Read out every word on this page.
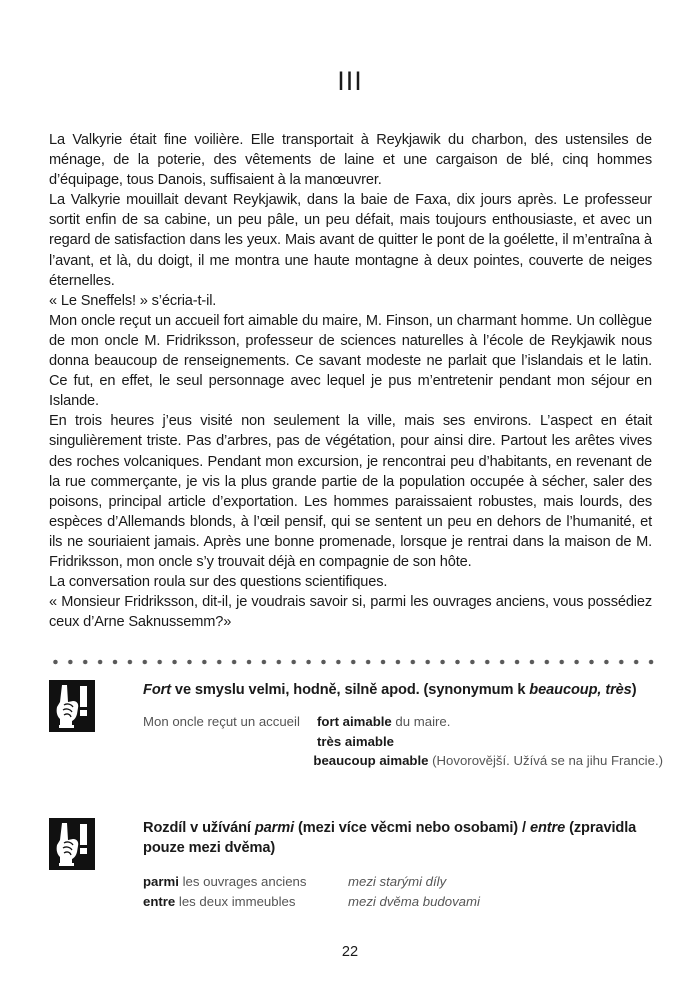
III

La Valkyrie était fine voilière. Elle transportait à Reykjawik du charbon, des ustensiles de ménage, de la poterie, des vêtements de laine et une cargaison de blé, cinq hommes d’équipage, tous Danois, suffisaient à la manœuvrer.

La Valkyrie mouillait devant Reykjawik, dans la baie de Faxa, dix jours après. Le professeur sortit enfin de sa cabine, un peu pâle, un peu défait, mais toujours enthousiaste, et avec un regard de satisfaction dans les yeux. Mais avant de quitter le pont de la goélette, il m’entraîna à l’avant, et là, du doigt, il me montra une haute montagne à deux pointes, couverte de neiges éternelles.

« Le Sneffels! » s’écria-t-il.

Mon oncle reçut un accueil fort aimable du maire, M. Finson, un charmant homme. Un collègue de mon oncle M. Fridriksson, professeur de sciences naturelles à l’école de Reykjawik nous donna beaucoup de renseignements. Ce savant modeste ne parlait que l’islandais et le latin. Ce fut, en effet, le seul personnage avec lequel je pus m’entretenir pendant mon séjour en Islande.

En trois heures j’eus visité non seulement la ville, mais ses environs. L’aspect en était singulièrement triste. Pas d’arbres, pas de végétation, pour ainsi dire. Partout les arêtes vives des roches volcaniques. Pendant mon excursion, je rencontrai peu d’habitants, en revenant de la rue commerçante, je vis la plus grande partie de la population occupée à sécher, saler des poisons, principal article d’exportation. Les hommes paraissaient robustes, mais lourds, des espèces d’Allemands blonds, à l’œil pensif, qui se sentent un peu en dehors de l’humanité, et ils ne souriaient jamais. Après une bonne promenade, lorsque je rentrai dans la maison de M. Fridriksson, mon oncle s’y trouvait déjà en compagnie de son hôte.

La conversation roula sur des questions scientifiques.

« Monsieur Fridriksson, dit-il, je voudrais savoir si, parmi les ouvrages anciens, vous possédiez ceux d’Arne Saknussemm?»

Fort ve smyslu velmi, hodně, silně apod. (synonymum k beaucoup, très)
Mon oncle reçut un accueil	fort aimable du maire.
très aimable
beaucoup aimable (Hovorovější. Užívá se na jihu Francie.)
Rozdíl v užívání parmi (mezi více věcmi nebo osobami) / entre (zpravidla pouze mezi dvěma)
parmi les ouvrages anciens	mezi starými díly
entre les deux immeubles	mezi dvěma budovami
22
